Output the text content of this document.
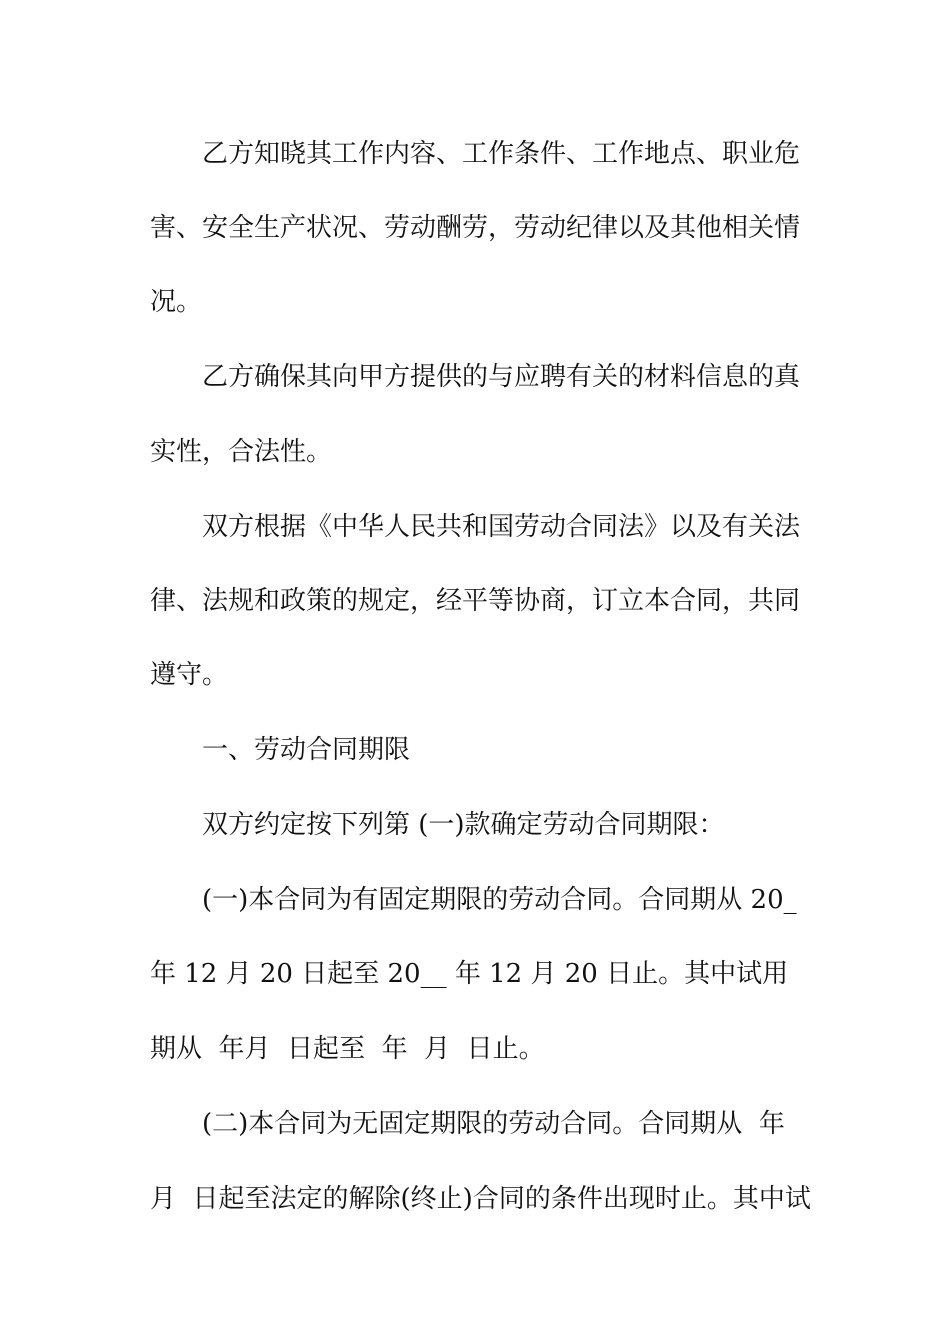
乙方知晓其工作内容、工作条件、工作地点、职业危

害、安全生产状况、劳动酬劳，劳动纪律以及其他相关情

况。

乙方确保其向甲方提供的与应聘有关的材料信息的真

实性，合法性。

双方根据《中华人民共和国劳动合同法》以及有关法

律、法规和政策的规定，经平等协商，订立本合同，共同

遵守。

一、劳动合同期限

双方约定按下列第 (一)款确定劳动合同期限：

(一)本合同为有固定期限的劳动合同。合同期从 20_

年 12 月 20 日起至 20__ 年 12 月 20 日止。其中试用

期从  年月  日起至  年  月  日止。

(二)本合同为无固定期限的劳动合同。合同期从  年

月  日起至法定的解除(终止)合同的条件出现时止。其中试
